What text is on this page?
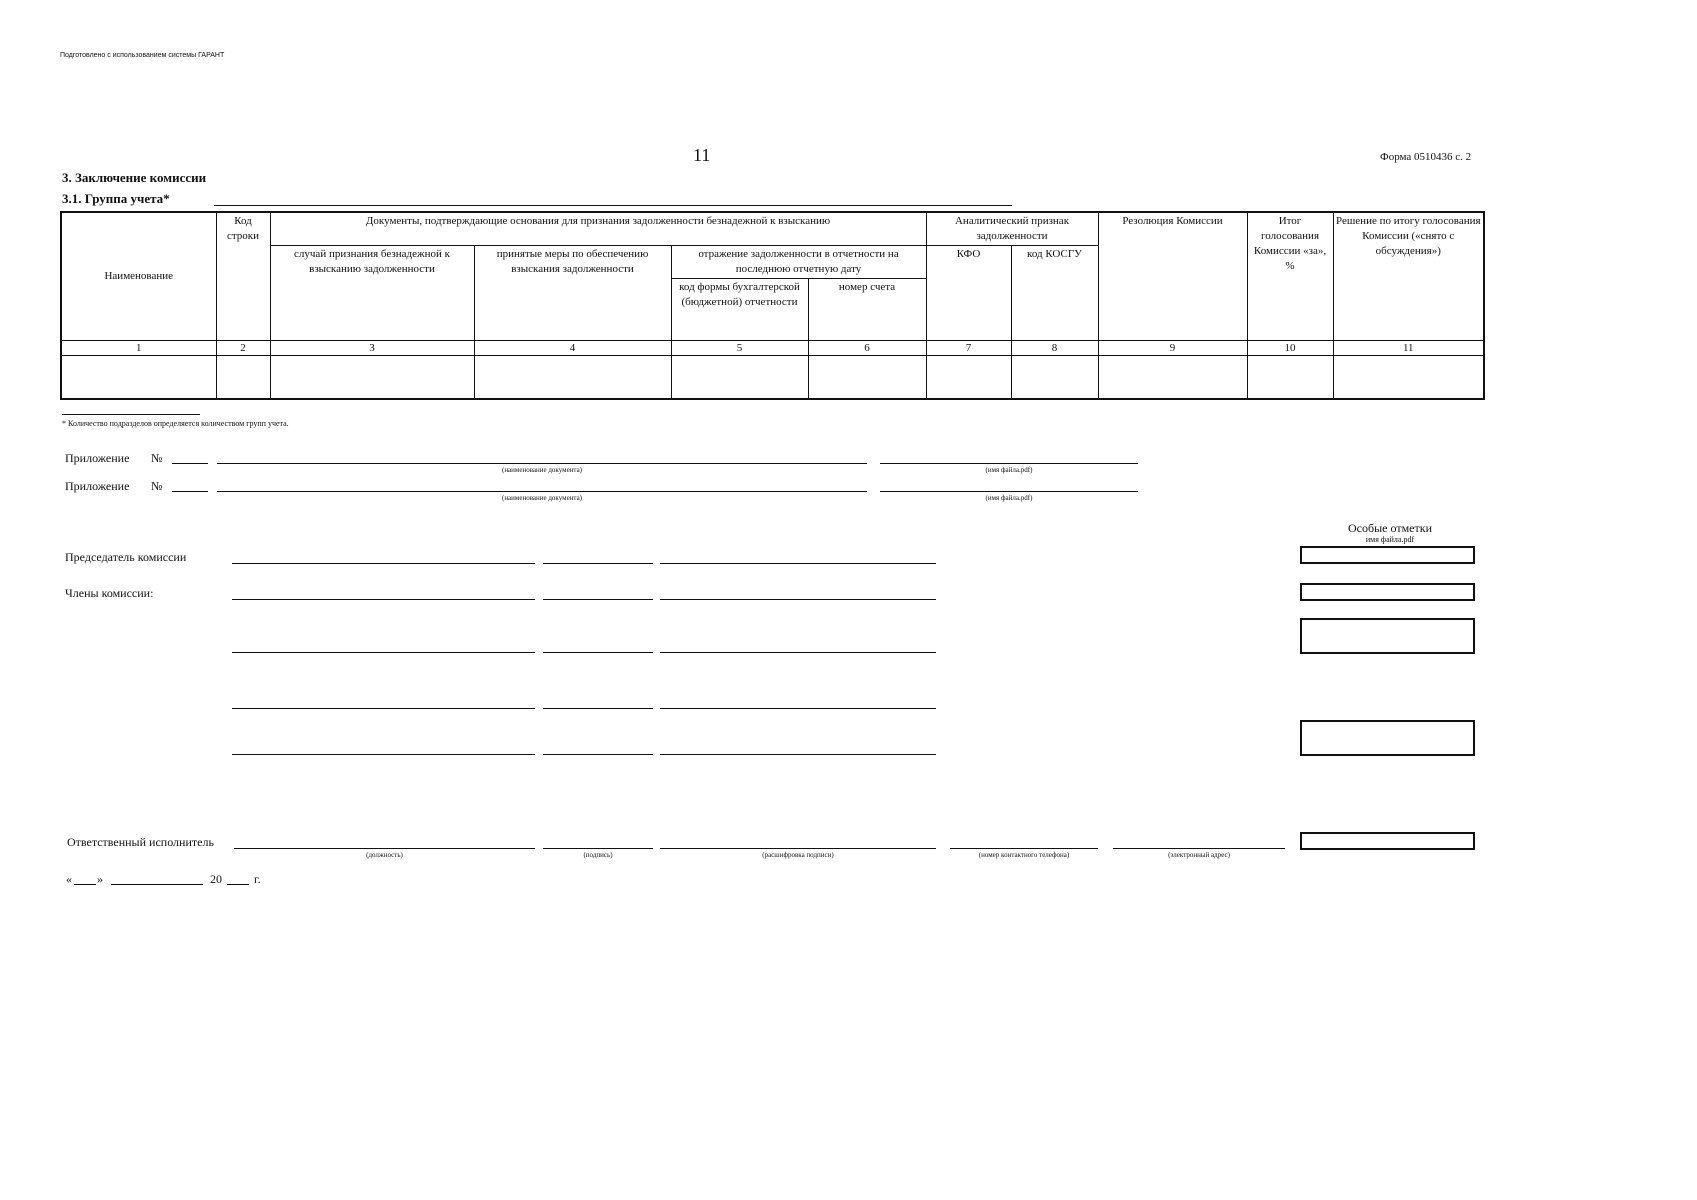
Подготовлено с использованием системы ГАРАНТ
11	Форма 0510436 с. 2
3. Заключение комиссии
3.1. Группа учета*
Наименование	Код строки	Документы, подтверждающие основания для признания задолженности безнадежной к взысканию				Аналитический признак задолженности		Резолюция Комиссии	Итог голосования Комиссии «за», %	Решение по итогу голосования Комиссии («снято с обсуждения»)
		случай признания безнадежной к взысканию задолженности	принятые меры по обеспечению взыскания задолженности	отражение задолженности в отчетности на последнюю отчетную дату		КФО	код КОСГУ			
				код формы бухгалтерской (бюджетной) отчетности	номер счета					
1	2	3	4	5	6	7	8	9	10	11

* Количество подразделов определяется количеством групп учета.
Приложение №
(наименование документа)	(имя файла.pdf)
Приложение №
(наименование документа)	(имя файла.pdf)
Особые отметки
имя файла.pdf
Председатель комиссии
Члены комиссии:
Ответственный исполнитель
(должность)	(подпись)	(расшифровка подписи)	(номер контактного телефона)	(электронный адрес)
« »	20	г.
